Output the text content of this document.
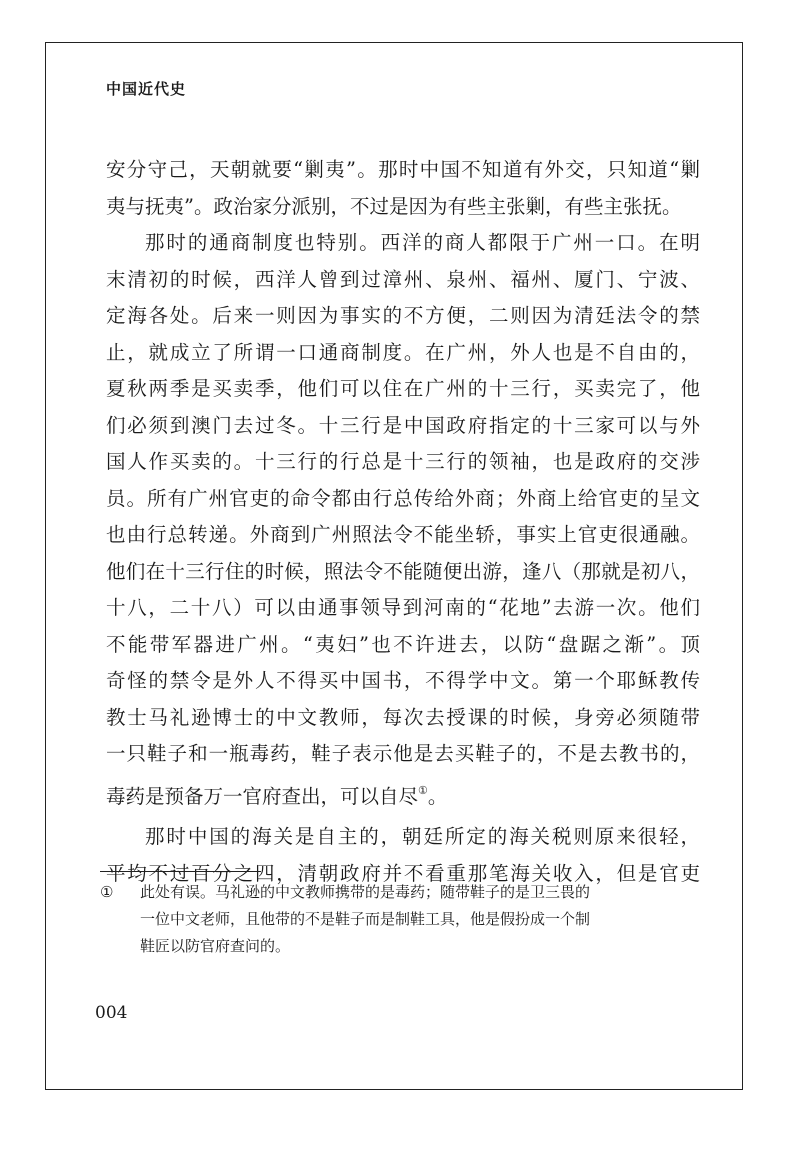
中国近代史
安分守己，天朝就要“剿夷”。那时中国不知道有外交，只知道“剿
夷与抚夷”。政治家分派别，不过是因为有些主张剿，有些主张抚。
那时的通商制度也特别。西洋的商人都限于广州一口。在明
末清初的时候，西洋人曾到过漳州、泉州、福州、厦门、宁波、
定海各处。后来一则因为事实的不方便，二则因为清廷法令的禁
止，就成立了所谓一口通商制度。在广州，外人也是不自由的，
夏秋两季是买卖季，他们可以住在广州的十三行，买卖完了，他
们必须到澳门去过冬。十三行是中国政府指定的十三家可以与外
国人作买卖的。十三行的行总是十三行的领袖，也是政府的交涉
员。所有广州官吏的命令都由行总传给外商；外商上给官吏的呈文
也由行总转递。外商到广州照法令不能坐轿，事实上官吏很通融。
他们在十三行住的时候，照法令不能随便出游，逢八（那就是初八，
十八，二十八）可以由通事领导到河南的“花地”去游一次。他们
不能带军器进广州。“夷妇”也不许进去，以防“盘踞之渐”。顶
奇怪的禁令是外人不得买中国书，不得学中文。第一个耶稣教传
教士马礼逊博士的中文教师，每次去授课的时候，身旁必须随带
一只鞋子和一瓶毒药，鞋子表示他是去买鞋子的，不是去教书的，
毒药是预备万一官府查出，可以自尽①。
那时中国的海关是自主的，朝廷所定的海关税则原来很轻，
平均不过百分之四，清朝政府并不看重那笔海关收入，但是官吏
① 此处有误。马礼逊的中文教师携带的是毒药；随带鞋子的是卫三畏的
一位中文老师，且他带的不是鞋子而是制鞋工具，他是假扮成一个制
鞋匠以防官府查问的。
004
